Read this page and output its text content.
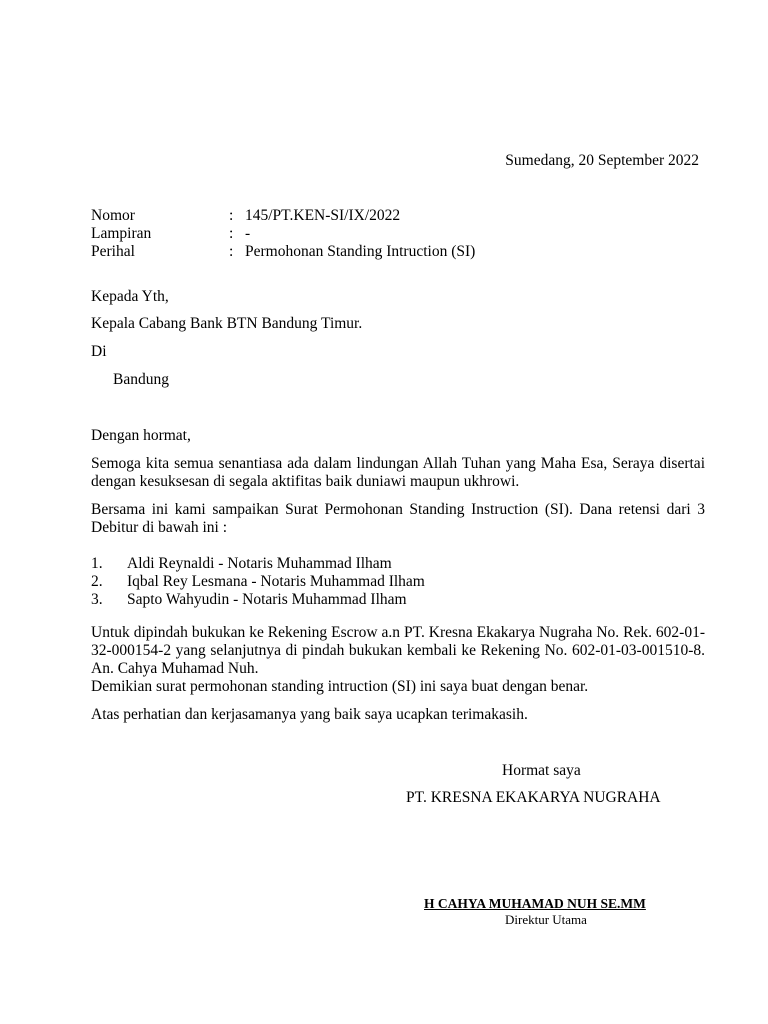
Sumedang, 20 September 2022
Nomor	: 145/PT.KEN-SI/IX/2022
Lampiran	: -
Perihal	: Permohonan Standing Intruction (SI)
Kepada Yth,
Kepala Cabang Bank BTN Bandung Timur.
Di
Bandung
Dengan hormat,
Semoga kita semua senantiasa ada dalam lindungan Allah Tuhan yang Maha Esa, Seraya disertai dengan kesuksesan di segala aktifitas baik duniawi maupun ukhrowi.
Bersama ini kami sampaikan Surat Permohonan Standing Instruction (SI). Dana retensi dari 3 Debitur di bawah ini :
1. Aldi Reynaldi - Notaris Muhammad Ilham
2. Iqbal Rey Lesmana - Notaris Muhammad Ilham
3. Sapto Wahyudin - Notaris Muhammad Ilham
Untuk dipindah bukukan ke Rekening Escrow a.n PT. Kresna Ekakarya Nugraha No. Rek. 602-01-32-000154-2 yang selanjutnya di pindah bukukan kembali ke Rekening No. 602-01-03-001510-8. An. Cahya Muhamad Nuh.
Demikian surat permohonan standing intruction (SI) ini saya buat dengan benar.
Atas perhatian dan kerjasamanya yang baik saya ucapkan terimakasih.
Hormat saya
PT. KRESNA EKAKARYA NUGRAHA
H CAHYA MUHAMAD NUH SE.MM
Direktur Utama
